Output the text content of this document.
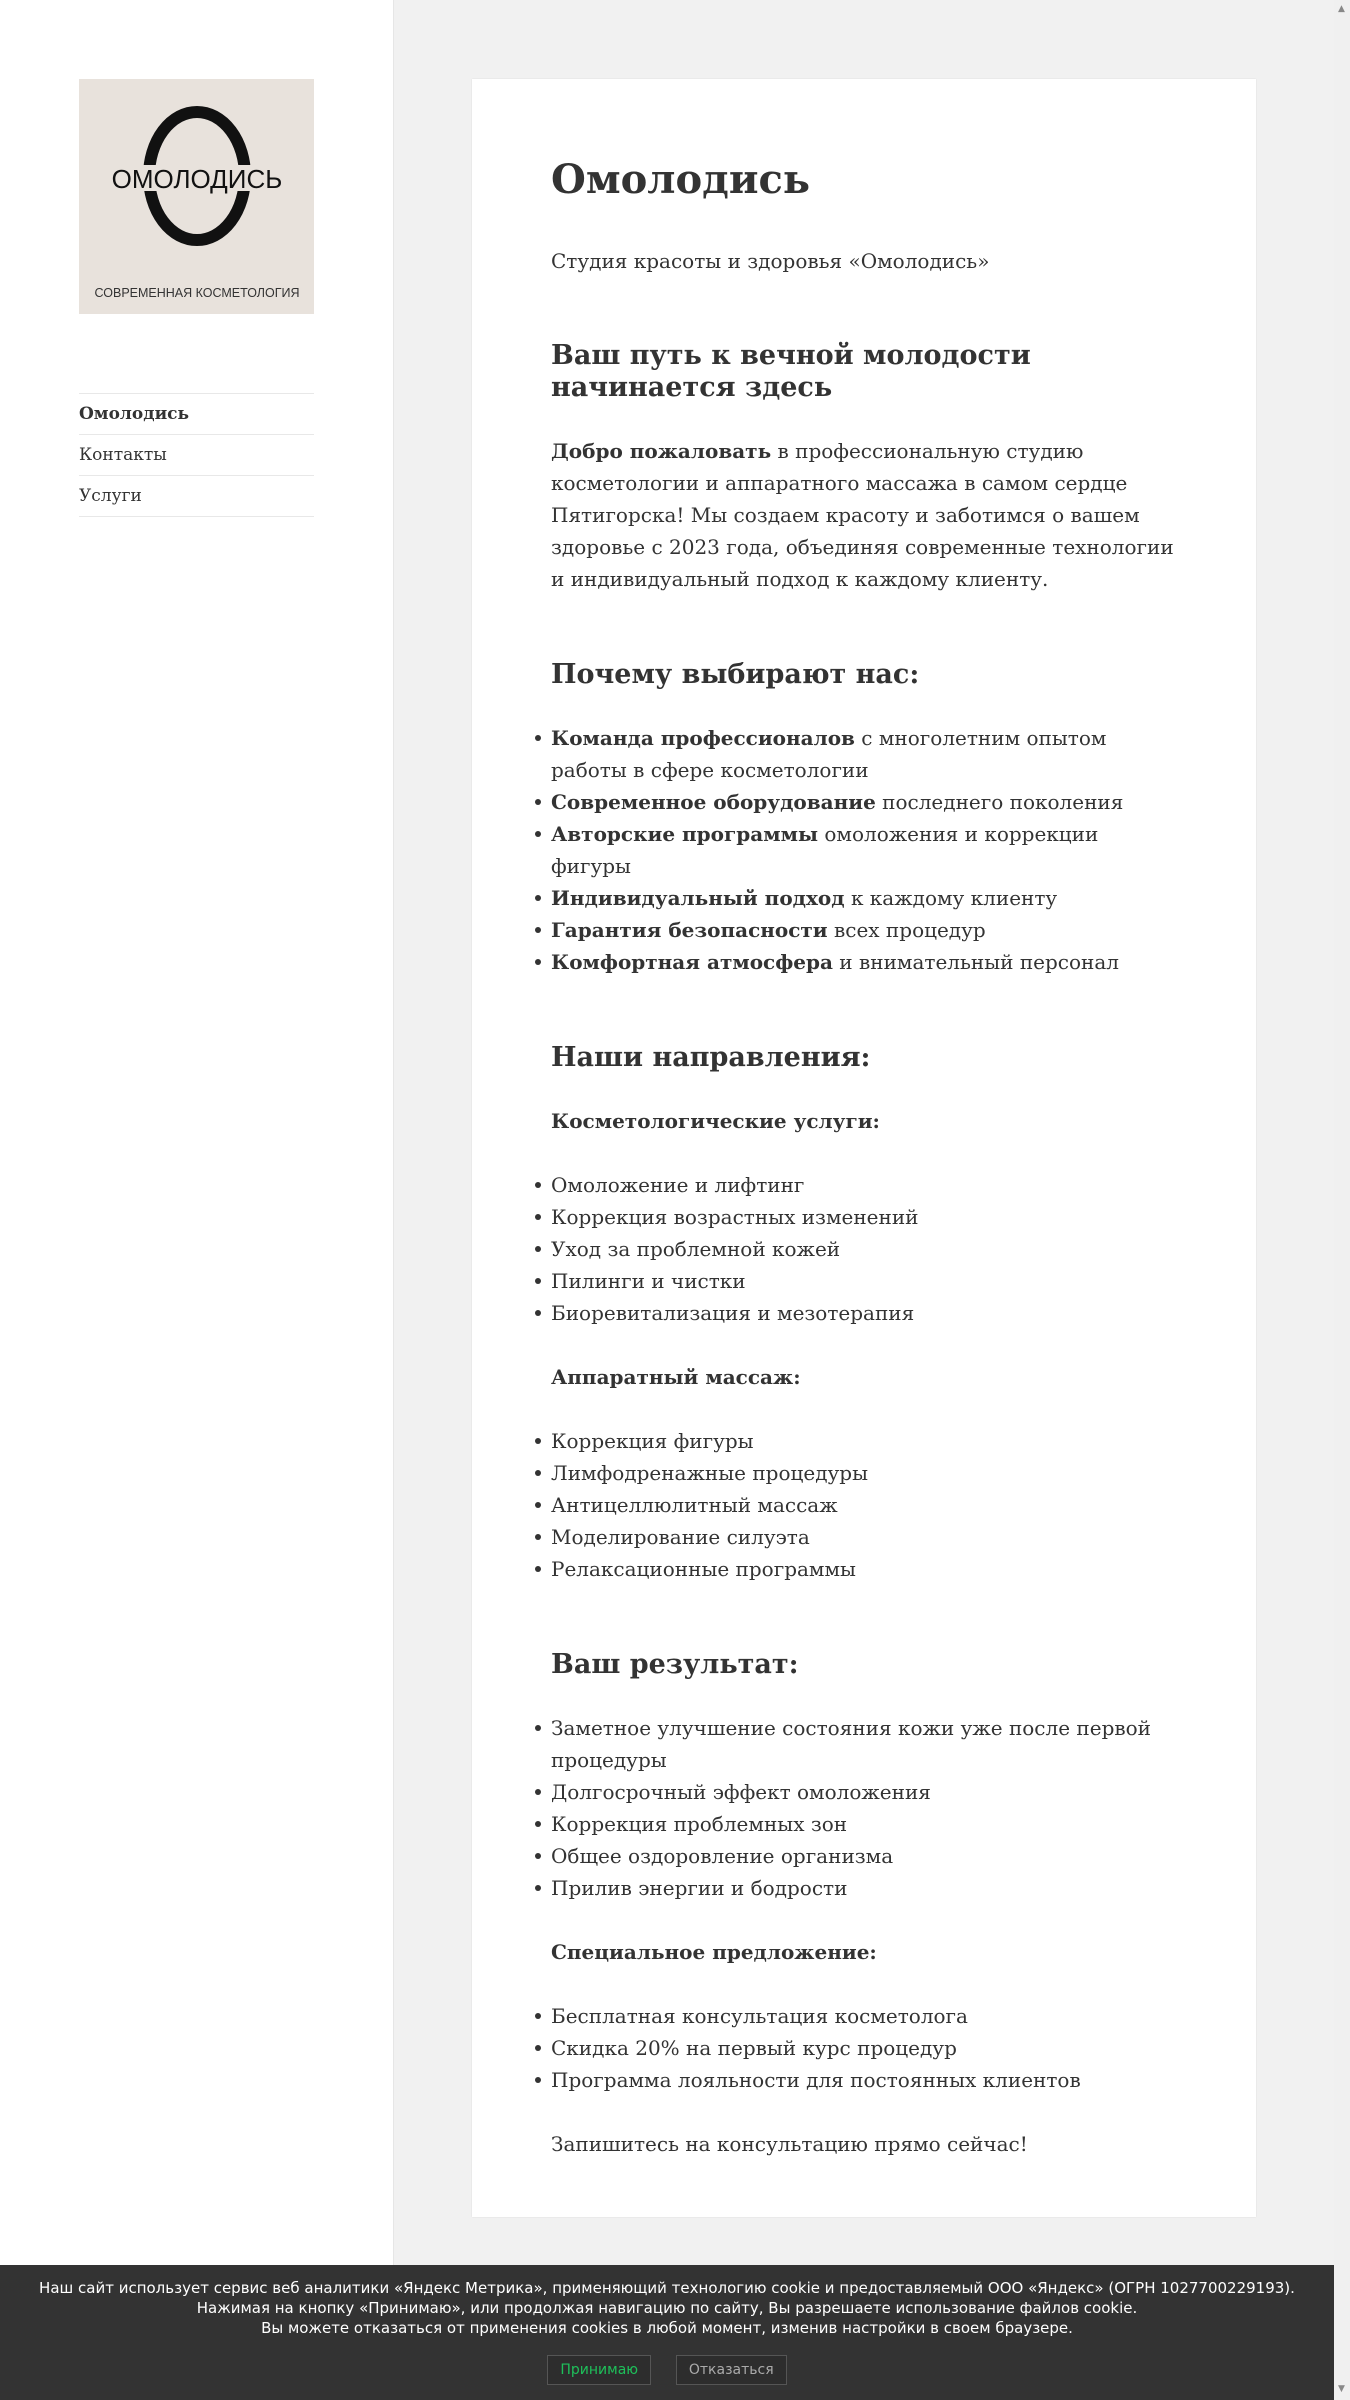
ОМОЛОДИСЬ
СОВРЕМЕННАЯ КОСМЕТОЛОГИЯ
Омолодись
Контакты
Услуги
Омолодись

Студия красоты и здоровья «Омолодись»

Ваш путь к вечной молодости начинается здесь

Добро пожаловать в профессиональную студию косметологии и аппаратного массажа в самом сердце Пятигорска! Мы создаем красоту и заботимся о вашем здоровье с 2023 года, объединяя современные технологии и индивидуальный подход к каждому клиенту.

Почему выбирают нас:
Команда профессионалов с многолетним опытом работы в сфере косметологии
Современное оборудование последнего поколения
Авторские программы омоложения и коррекции фигуры
Индивидуальный подход к каждому клиенту
Гарантия безопасности всех процедур
Комфортная атмосфера и внимательный персонал
Наши направления:

Косметологические услуги:

Омоложение и лифтинг
Коррекция возрастных изменений
Уход за проблемной кожей
Пилинги и чистки
Биоревитализация и мезотерапия

Аппаратный массаж:

Коррекция фигуры
Лимфодренажные процедуры
Антицеллюлитный массаж
Моделирование силуэта
Релаксационные программы
Ваш результат:
Заметное улучшение состояния кожи уже после первой процедуры
Долгосрочный эффект омоложения
Коррекция проблемных зон
Общее оздоровление организма
Прилив энергии и бодрости

Специальное предложение:

Бесплатная консультация косметолога
Скидка 20% на первый курс процедур
Программа лояльности для постоянных клиентов

Запишитесь на консультацию прямо сейчас!

▲
▼
Наш сайт использует сервис веб аналитики «Яндекс Метрика», применяющий технологию cookie и предоставляемый ООО «Яндекс» (ОГРН 1027700229193).
Нажимая на кнопку «Принимаю», или продолжая навигацию по сайту, Вы разрешаете использование файлов cookie.
Вы можете отказаться от применения cookies в любой момент, изменив настройки в своем браузере.
Принимаю	Отказаться
